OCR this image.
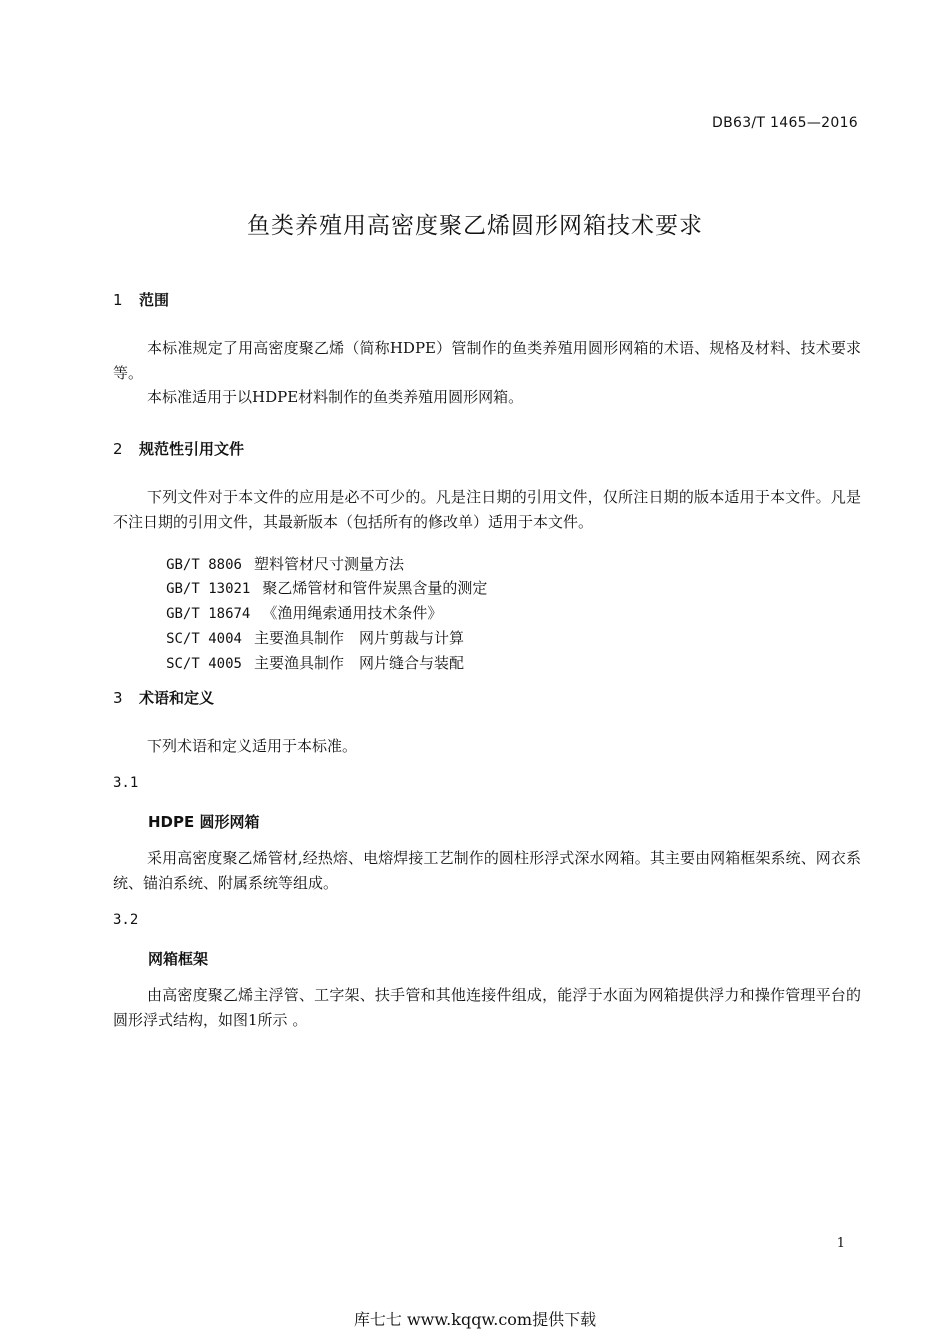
DB63/T 1465—2016
鱼类养殖用高密度聚乙烯圆形网箱技术要求
1 范围
本标准规定了用高密度聚乙烯（简称HDPE）管制作的鱼类养殖用圆形网箱的术语、规格及材料、技术要求等。
本标准适用于以HDPE材料制作的鱼类养殖用圆形网箱。
2 规范性引用文件
下列文件对于本文件的应用是必不可少的。凡是注日期的引用文件，仅所注日期的版本适用于本文件。凡是不注日期的引用文件，其最新版本（包括所有的修改单）适用于本文件。

GB/T 8806 塑料管材尺寸测量方法

GB/T 13021 聚乙烯管材和管件炭黑含量的测定

GB/T 18674 《渔用绳索通用技术条件》

SC/T 4004 主要渔具制作　网片剪裁与计算

SC/T 4005 主要渔具制作　网片缝合与装配

3 术语和定义
下列术语和定义适用于本标准。
3.1
HDPE 圆形网箱
采用高密度聚乙烯管材,经热熔、电熔焊接工艺制作的圆柱形浮式深水网箱。其主要由网箱框架系统、网衣系统、锚泊系统、附属系统等组成。
3.2
网箱框架
由高密度聚乙烯主浮管、工字架、扶手管和其他连接件组成，能浮于水面为网箱提供浮力和操作管理平台的圆形浮式结构，如图1所示 。
1
库七七 www.kqqw.com提供下载
